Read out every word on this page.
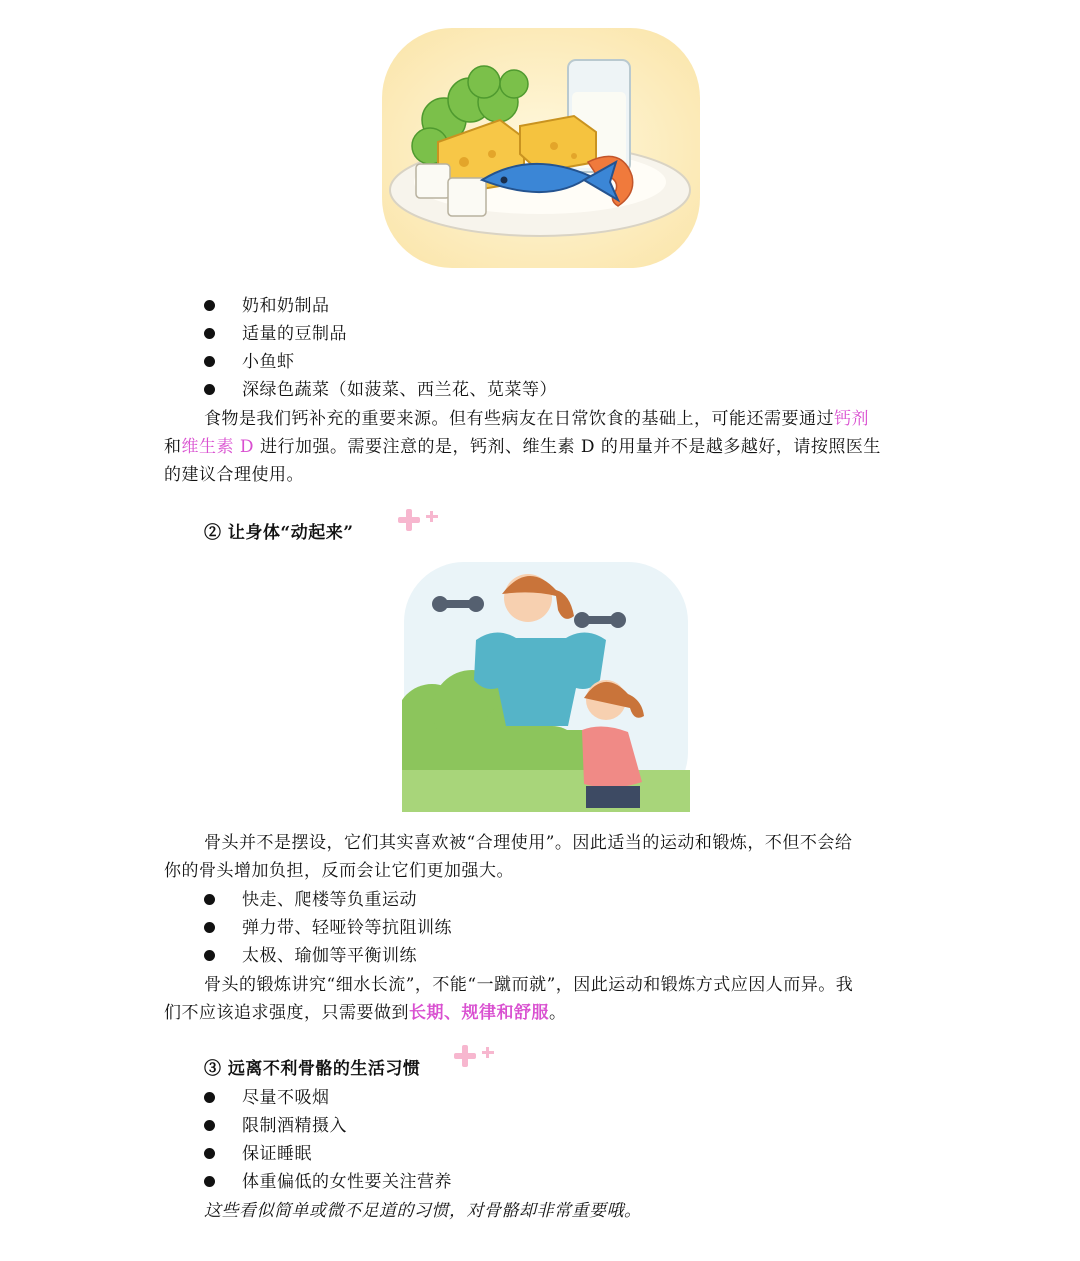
奶和奶制品
适量的豆制品
小鱼虾
深绿色蔬菜（如菠菜、西兰花、苋菜等）
食物是我们钙补充的重要来源。但有些病友在日常饮食的基础上，可能还需要通过钙剂
和维生素 D 进行加强。需要注意的是，钙剂、维生素 D 的用量并不是越多越好，请按照医生
的建议合理使用。
② 让身体“动起来”
骨头并不是摆设，它们其实喜欢被“合理使用”。因此适当的运动和锻炼，不但不会给
你的骨头增加负担，反而会让它们更加强大。
快走、爬楼等负重运动
弹力带、轻哑铃等抗阻训练
太极、瑜伽等平衡训练
骨头的锻炼讲究“细水长流”，不能“一蹴而就”，因此运动和锻炼方式应因人而异。我
们不应该追求强度，只需要做到长期、规律和舒服。
③ 远离不利骨骼的生活习惯
尽量不吸烟
限制酒精摄入
保证睡眠
体重偏低的女性要关注营养
这些看似简单或微不足道的习惯，对骨骼却非常重要哦。
